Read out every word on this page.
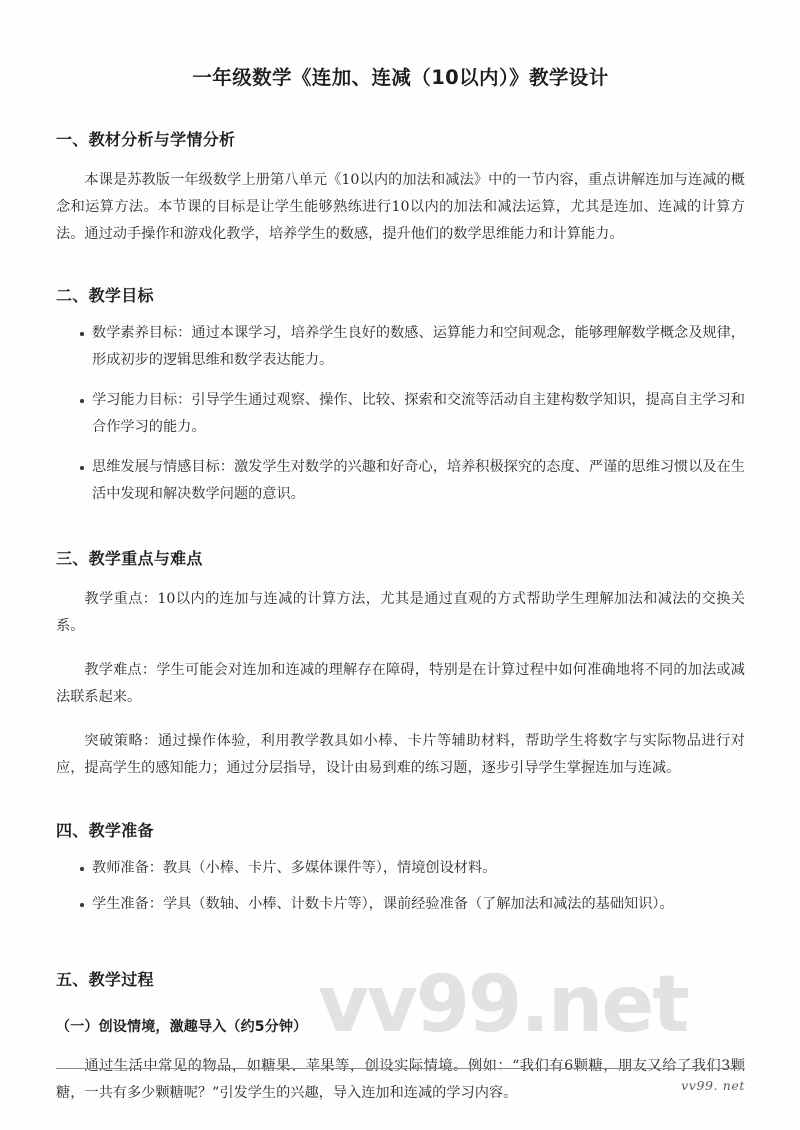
vv99.net
一年级数学《连加、连减（10以内）》教学设计
一、教材分析与学情分析

本课是苏教版一年级数学上册第八单元《10以内的加法和减法》中的一节内容，重点讲解连加与连减的概念和运算方法。本节课的目标是让学生能够熟练进行10以内的加法和减法运算，尤其是连加、连减的计算方法。通过动手操作和游戏化教学，培养学生的数感，提升他们的数学思维能力和计算能力。

二、教学目标
数学素养目标：通过本课学习，培养学生良好的数感、运算能力和空间观念，能够理解数学概念及规律，形成初步的逻辑思维和数学表达能力。
学习能力目标：引导学生通过观察、操作、比较、探索和交流等活动自主建构数学知识，提高自主学习和合作学习的能力。
思维发展与情感目标：激发学生对数学的兴趣和好奇心，培养积极探究的态度、严谨的思维习惯以及在生活中发现和解决数学问题的意识。
三、教学重点与难点

教学重点：10以内的连加与连减的计算方法，尤其是通过直观的方式帮助学生理解加法和减法的交换关系。

教学难点：学生可能会对连加和连减的理解存在障碍，特别是在计算过程中如何准确地将不同的加法或减法联系起来。

突破策略：通过操作体验，利用教学教具如小棒、卡片等辅助材料，帮助学生将数字与实际物品进行对应，提高学生的感知能力；通过分层指导，设计由易到难的练习题，逐步引导学生掌握连加与连减。

四、教学准备
教师准备：教具（小棒、卡片、多媒体课件等），情境创设材料。
学生准备：学具（数轴、小棒、计数卡片等），课前经验准备（了解加法和减法的基础知识）。
五、教学过程
（一）创设情境，激趣导入（约5分钟）

通过生活中常见的物品，如糖果、苹果等，创设实际情境。例如：“我们有6颗糖，朋友又给了我们3颗糖，一共有多少颗糖呢？”引发学生的兴趣，导入连加和连减的学习内容。	vv99. net
